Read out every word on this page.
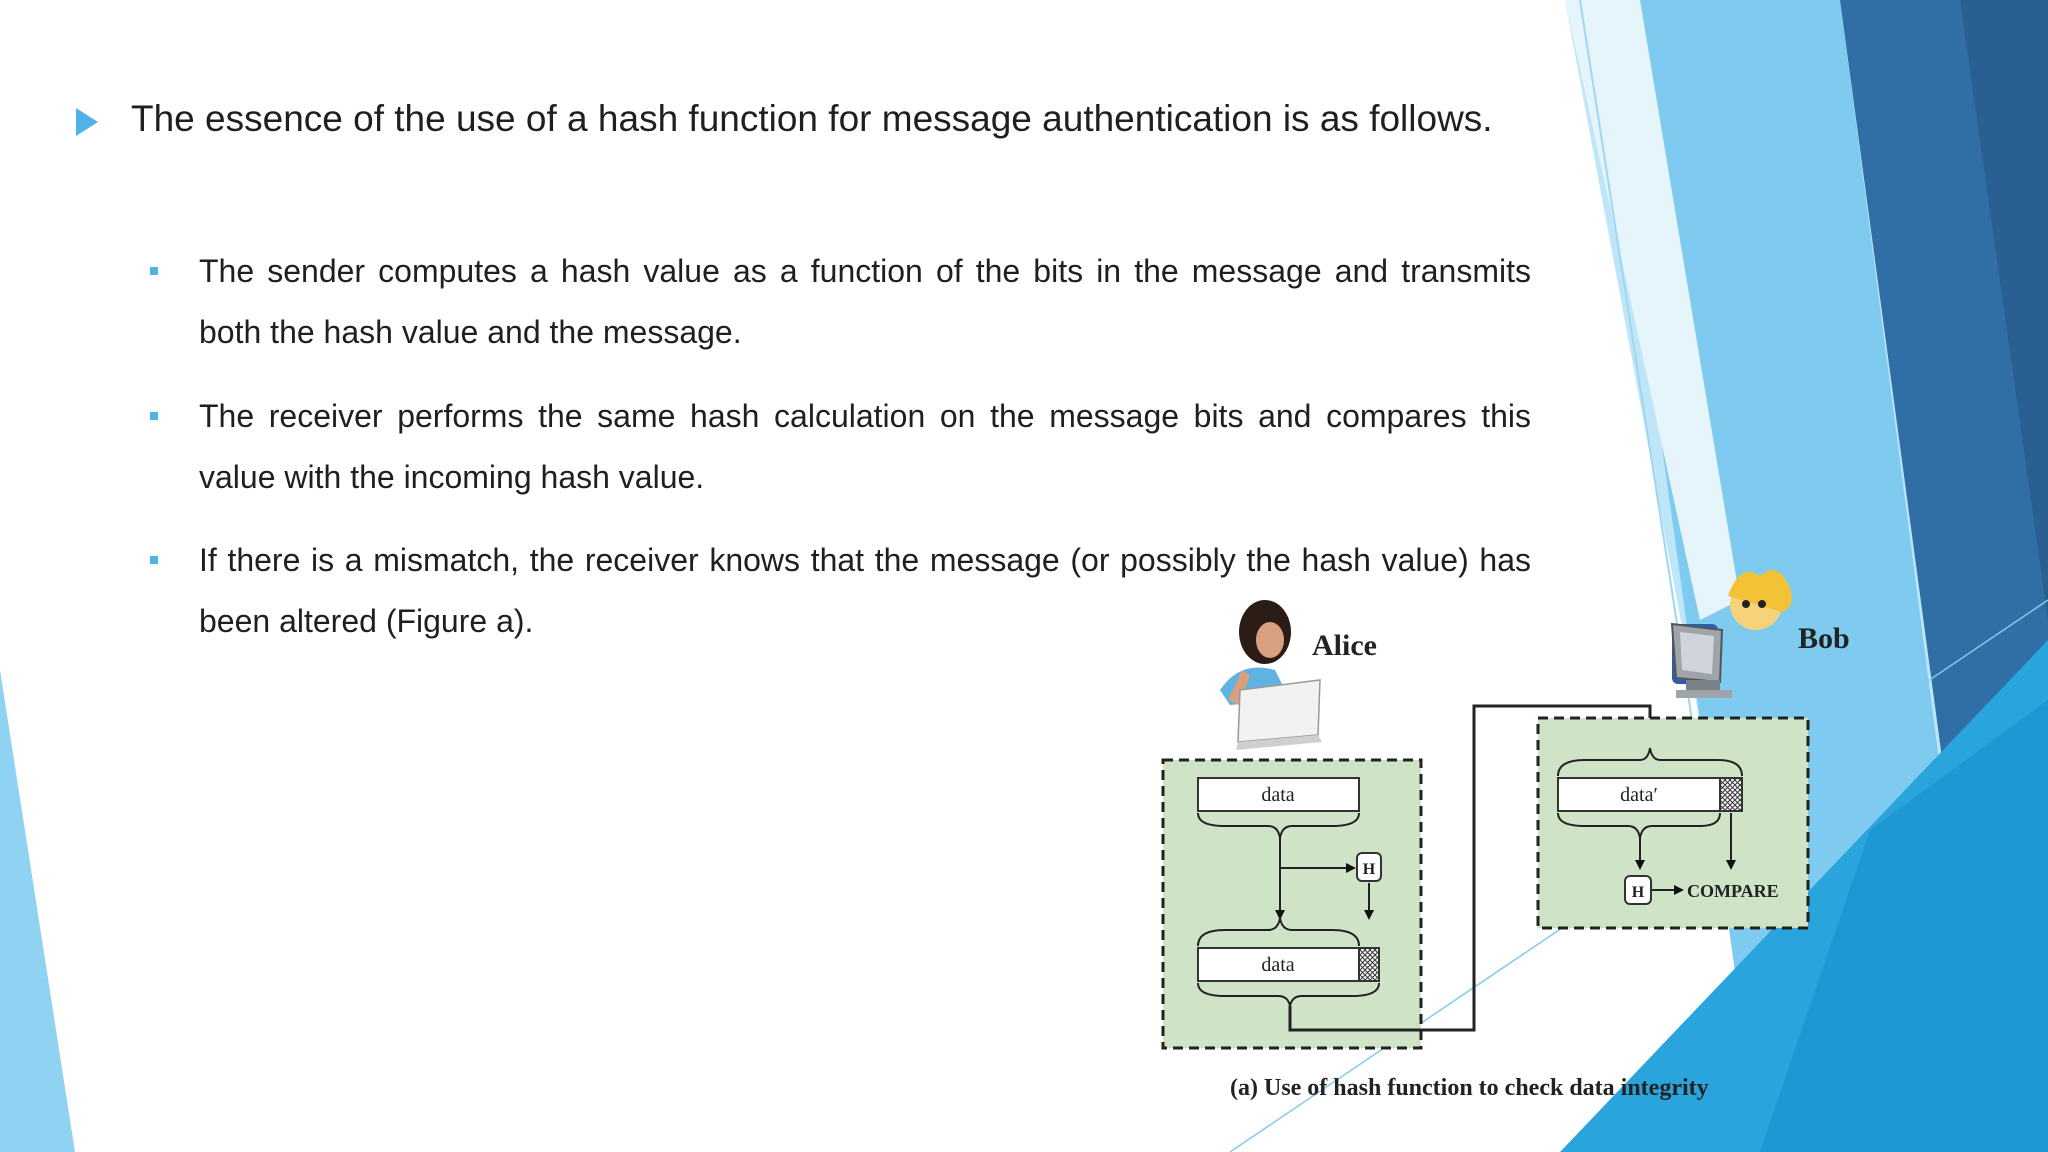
The essence of the use of a hash function for message authentication is as follows.
The sender computes a hash value as a function of the bits in the message and transmits both the hash value and the message.
The receiver performs the same hash calculation on the message bits and compares this value with the incoming hash value.
If there is a mismatch, the receiver knows that the message (or possibly the hash value) has been altered (Figure a).
Alice	Bob
data
H
data
data′
H COMPARE
(a) Use of hash function to check data integrity
